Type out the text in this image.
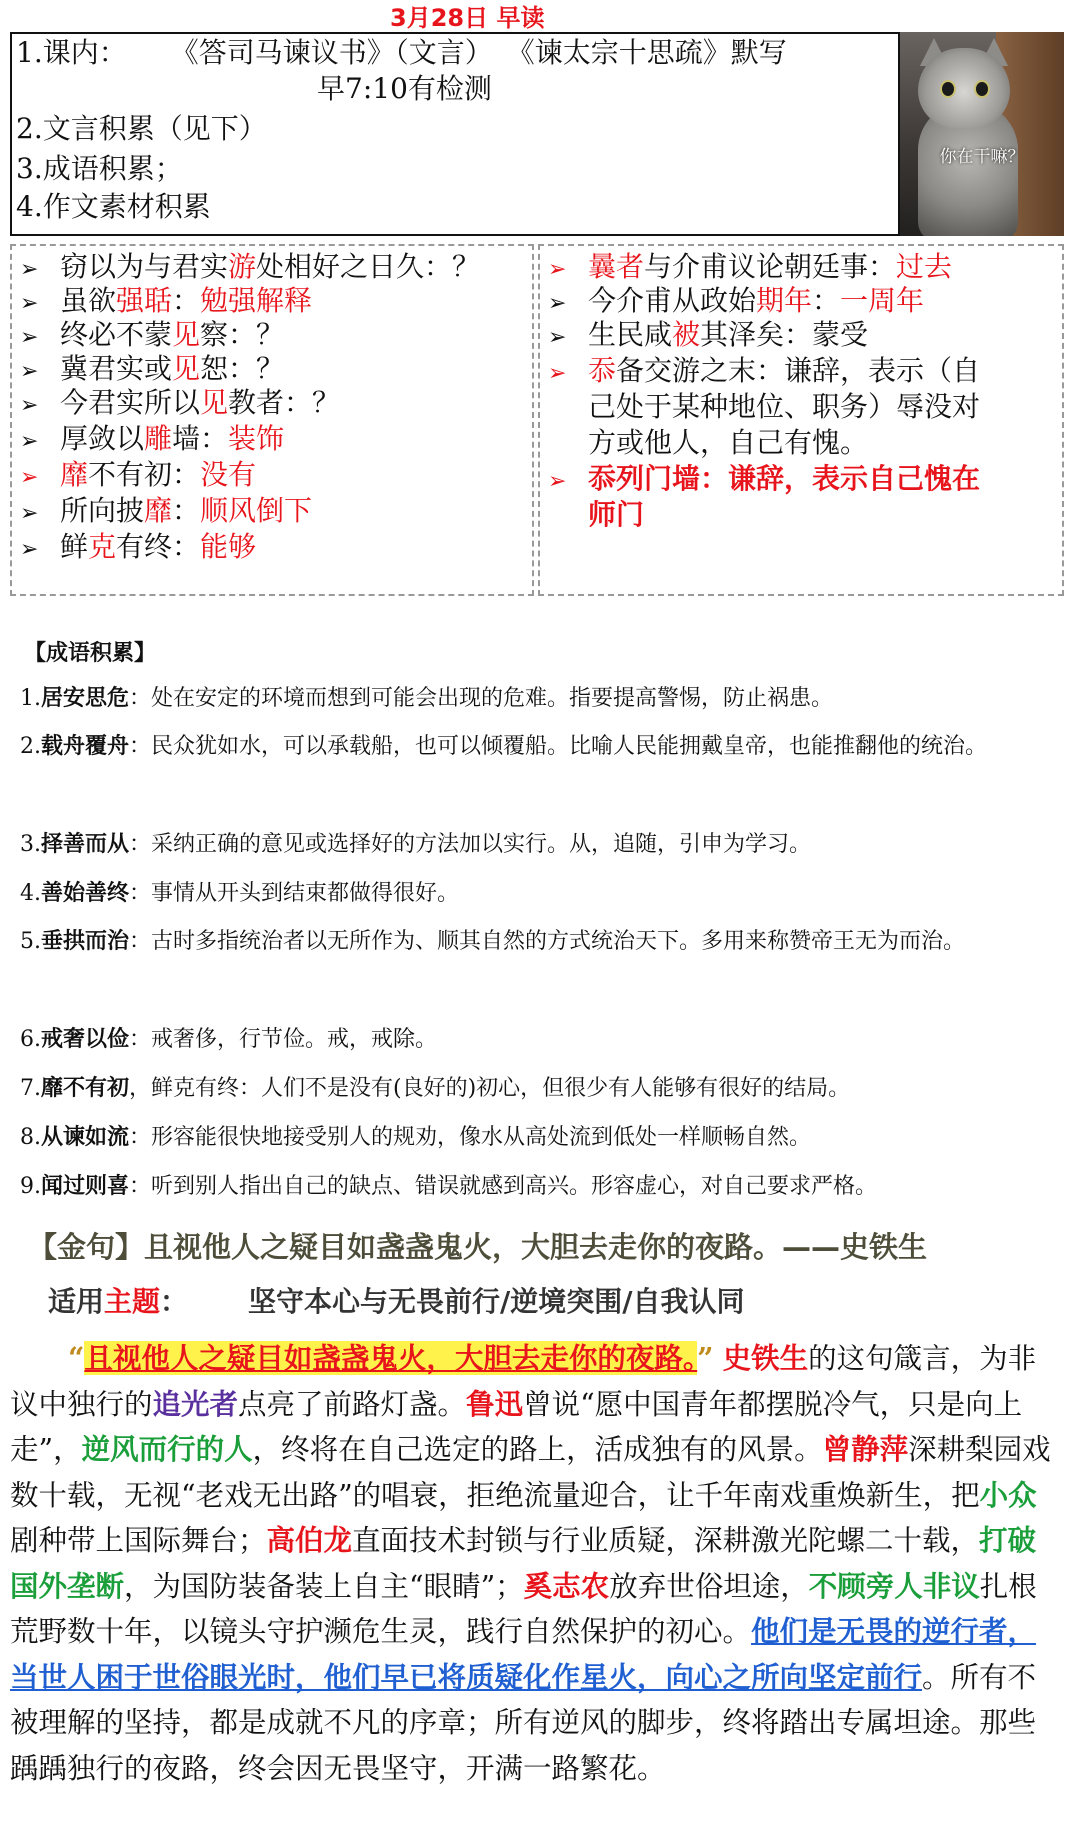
3月28日 早读
1.课内： 《答司马谏议书》（文言） 《谏太宗十思疏》默写
早7:10有检测
2.文言积累（见下）
3.成语积累；
4.作文素材积累
你在干嘛？
➢ 窃以为与君实游处相好之日久：？
➢ 虽欲强聒：勉强解释
➢ 终必不蒙见察：？
➢ 冀君实或见恕：？
➢ 今君实所以见教者：？
➢ 厚敛以雕墙：装饰
➢ 靡不有初：没有
➢ 所向披靡：顺风倒下
➢ 鲜克有终：能够
➢ 曩者与介甫议论朝廷事：过去
➢ 今介甫从政始期年：一周年
➢ 生民咸被其泽矣：蒙受
➢ 忝备交游之末：谦辞，表示（自
己处于某种地位、职务）辱没对
方或他人，自己有愧。
➢ 忝列门墙：谦辞，表示自己愧在
师门
【成语积累】
1.居安思危：处在安定的环境而想到可能会出现的危难。指要提高警惕，防止祸患。
2.载舟覆舟：民众犹如水，可以承载船，也可以倾覆船。比喻人民能拥戴皇帝，也能推翻他的统治。
3.择善而从：采纳正确的意见或选择好的方法加以实行。从，追随，引申为学习。
4.善始善终：事情从开头到结束都做得很好。
5.垂拱而治：古时多指统治者以无所作为、顺其自然的方式统治天下。多用来称赞帝王无为而治。
6.戒奢以俭：戒奢侈，行节俭。戒，戒除。
7.靡不有初，鲜克有终：人们不是没有(良好的)初心，但很少有人能够有很好的结局。
8.从谏如流：形容能很快地接受别人的规劝，像水从高处流到低处一样顺畅自然。
9.闻过则喜：听到别人指出自己的缺点、错误就感到高兴。形容虚心，对自己要求严格。
【金句】且视他人之疑目如盏盏鬼火，大胆去走你的夜路。——史铁生
适用主题： 坚守本心与无畏前行/逆境突围/自我认同
“且视他人之疑目如盏盏鬼火，大胆去走你的夜路。” 史铁生的这句箴言，为非议中独行的追光者点亮了前路灯盏。鲁迅曾说“愿中国青年都摆脱冷气，只是向上走”，逆风而行的人，终将在自己选定的路上，活成独有的风景。曾静萍深耕梨园戏数十载，无视“老戏无出路”的唱衰，拒绝流量迎合，让千年南戏重焕新生，把小众剧种带上国际舞台；高伯龙直面技术封锁与行业质疑，深耕激光陀螺二十载，打破国外垄断，为国防装备装上自主“眼睛”；奚志农放弃世俗坦途，不顾旁人非议扎根荒野数十年，以镜头守护濒危生灵，践行自然保护的初心。他们是无畏的逆行者，当世人困于世俗眼光时，他们早已将质疑化作星火，向心之所向坚定前行。所有不被理解的坚持，都是成就不凡的序章；所有逆风的脚步，终将踏出专属坦途。那些踽踽独行的夜路，终会因无畏坚守，开满一路繁花。
